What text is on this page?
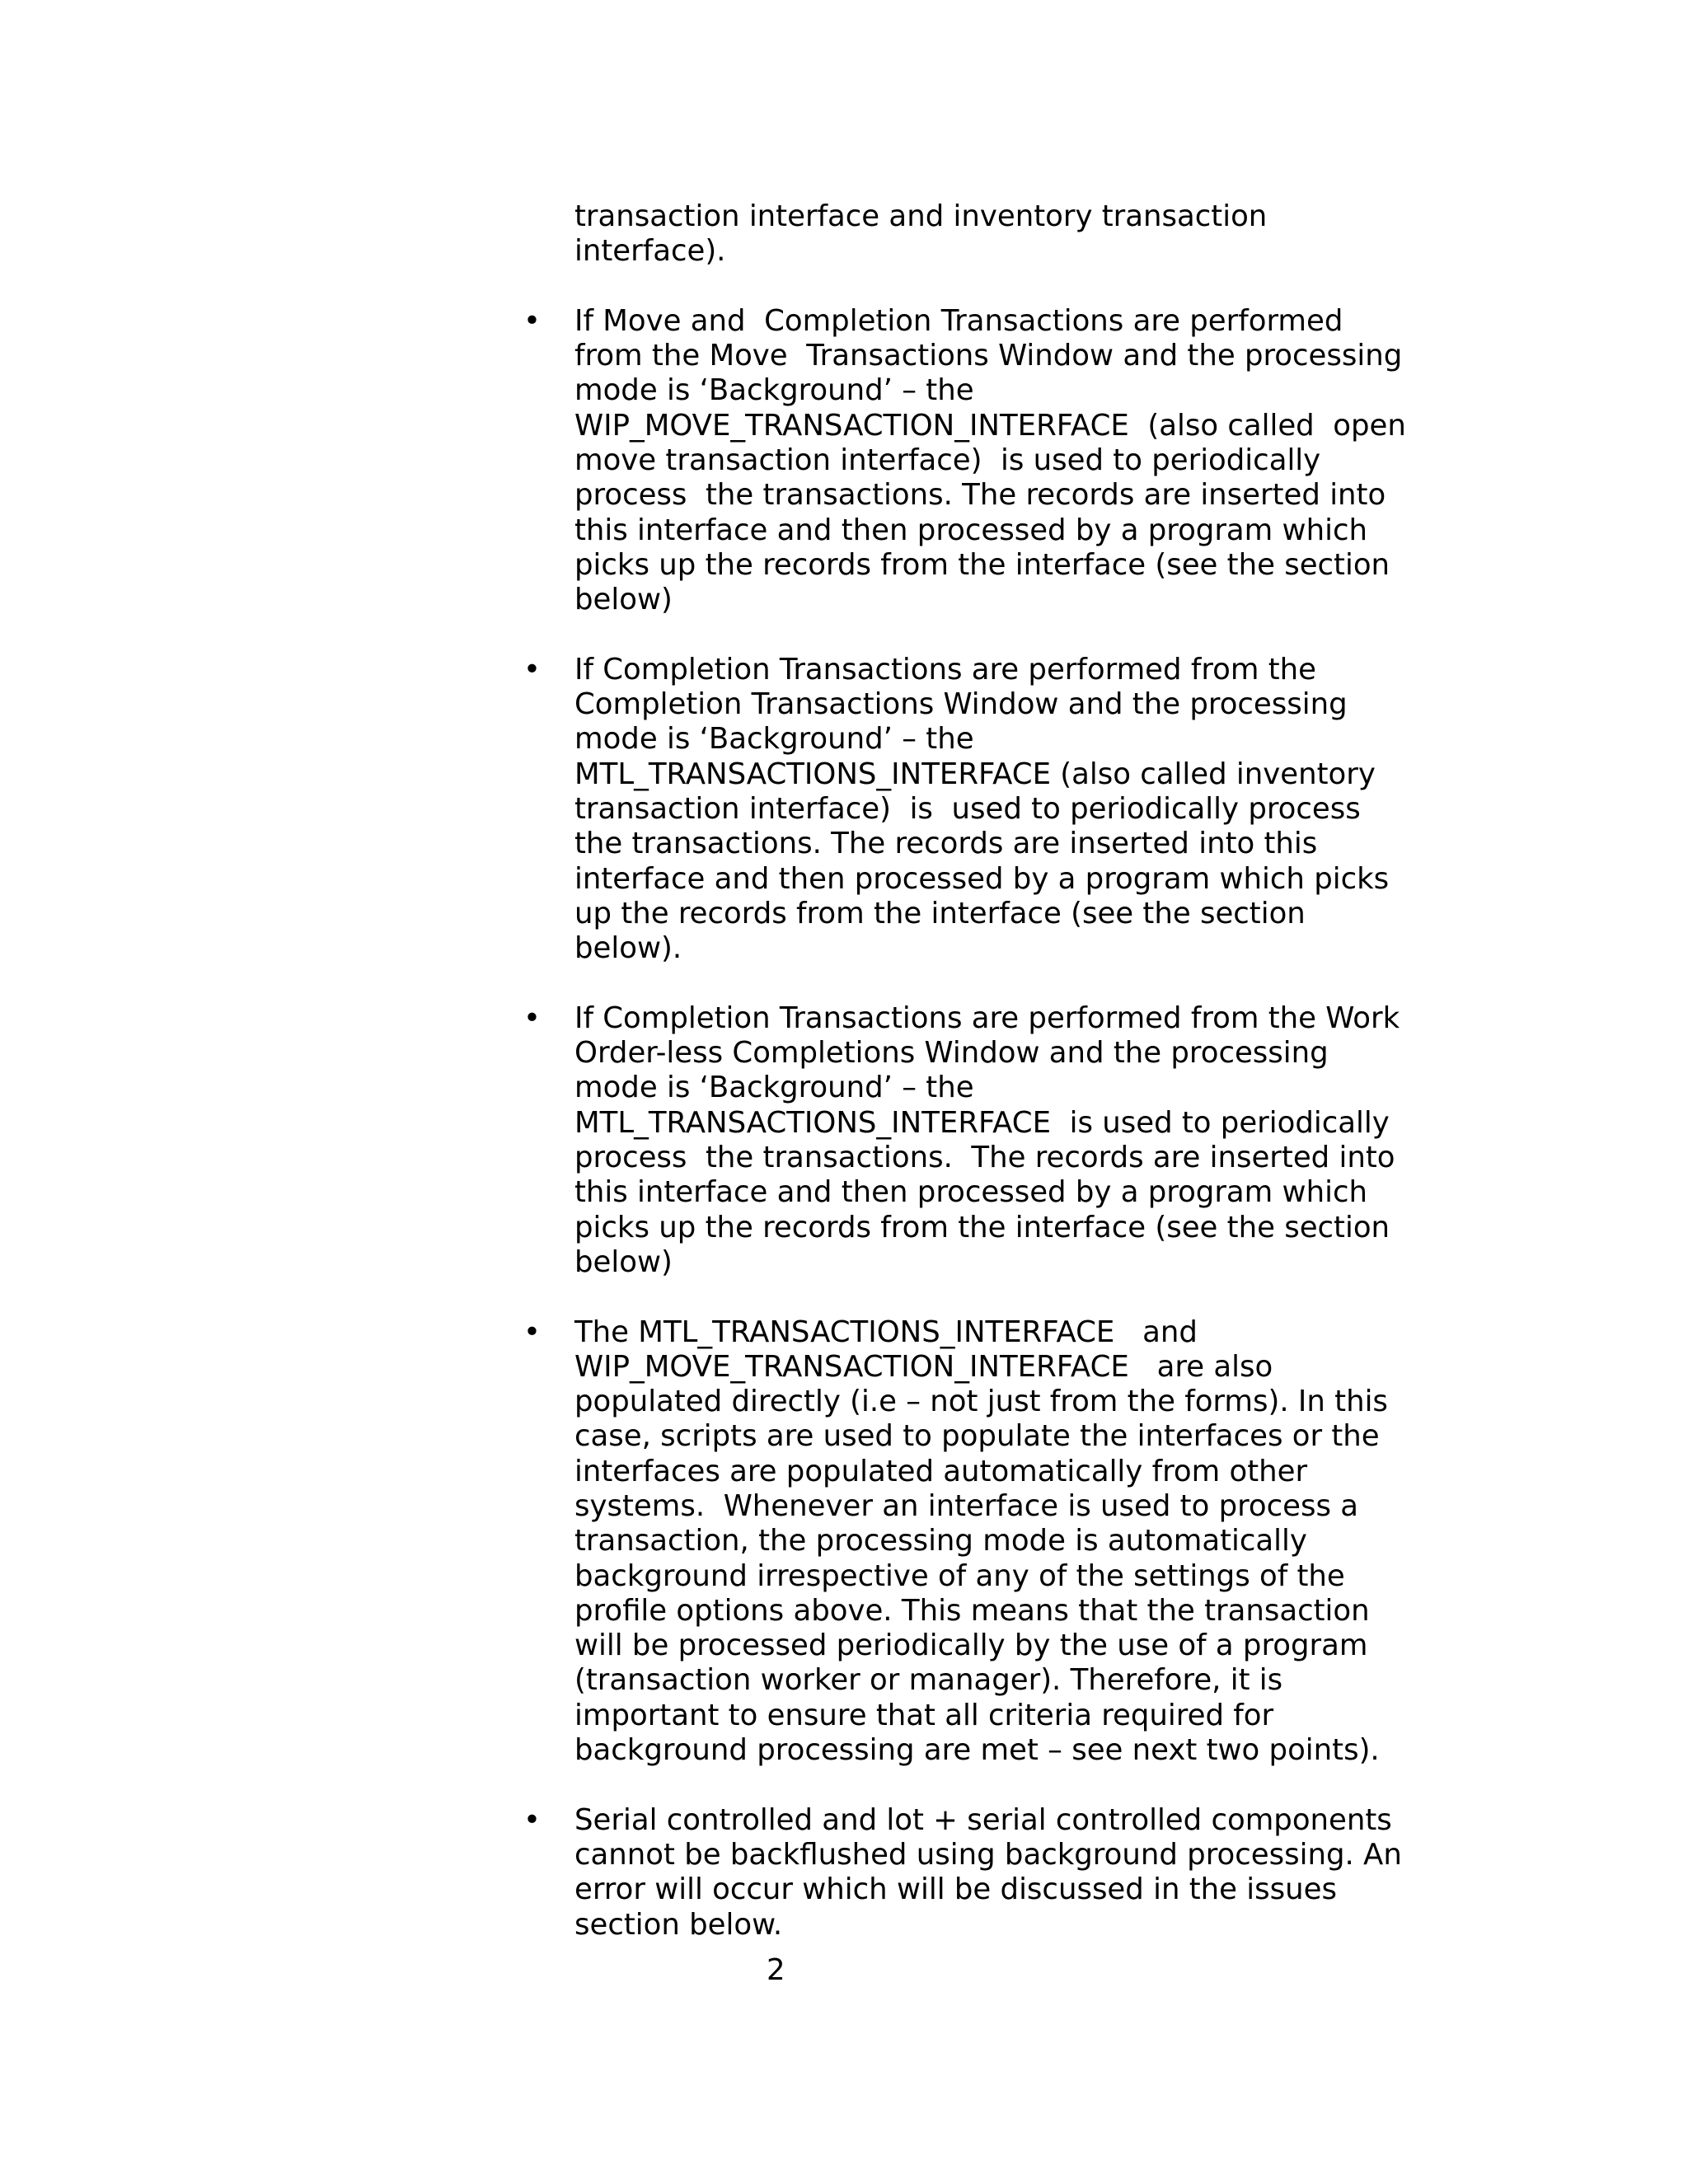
transaction interface and inventory transaction
interface).
• If Move and  Completion Transactions are performed
from the Move  Transactions Window and the processing
mode is ‘Background’ – the
WIP_MOVE_TRANSACTION_INTERFACE  (also called  open
move transaction interface)  is used to periodically
process  the transactions. The records are inserted into
this interface and then processed by a program which
picks up the records from the interface (see the section
below)
• If Completion Transactions are performed from the
Completion Transactions Window and the processing
mode is ‘Background’ – the
MTL_TRANSACTIONS_INTERFACE (also called inventory
transaction interface)  is  used to periodically process
the transactions. The records are inserted into this
interface and then processed by a program which picks
up the records from the interface (see the section
below).
• If Completion Transactions are performed from the Work
Order-less Completions Window and the processing
mode is ‘Background’ – the
MTL_TRANSACTIONS_INTERFACE  is used to periodically
process  the transactions.  The records are inserted into
this interface and then processed by a program which
picks up the records from the interface (see the section
below)
• The MTL_TRANSACTIONS_INTERFACE   and
WIP_MOVE_TRANSACTION_INTERFACE   are also
populated directly (i.e – not just from the forms). In this
case, scripts are used to populate the interfaces or the
interfaces are populated automatically from other
systems.  Whenever an interface is used to process a
transaction, the processing mode is automatically
background irrespective of any of the settings of the
profile options above. This means that the transaction
will be processed periodically by the use of a program
(transaction worker or manager). Therefore, it is
important to ensure that all criteria required for
background processing are met – see next two points).
• Serial controlled and lot + serial controlled components
cannot be backflushed using background processing. An
error will occur which will be discussed in the issues
section below.
2
